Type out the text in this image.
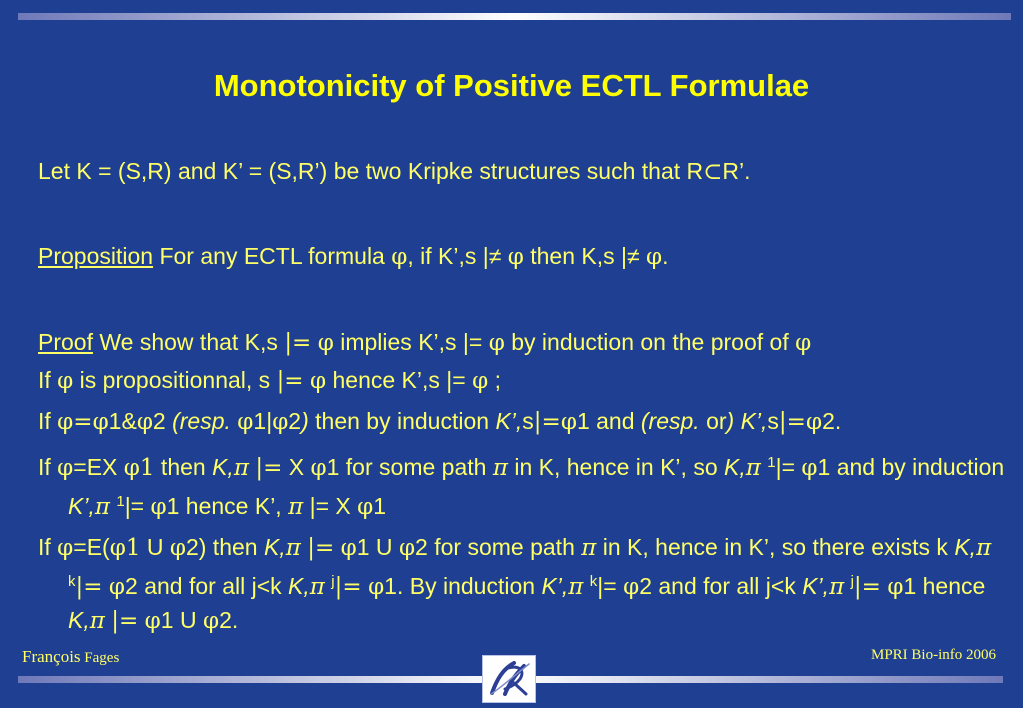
Monotonicity of Positive ECTL Formulae

Let K = (S,R) and K’ = (S,R’) be two Kripke structures such that R⊂R’.

Proposition For any ECTL formula φ, if K’,s |≠ φ then K,s |≠ φ.

Proof We show that K,s |= φ implies K’,s |= φ by induction on the proof of φ

If φ is propositionnal, s |= φ hence K’,s |= φ ;

If φ=φ1&φ2 (resp. φ1|φ2) then by induction K’,s|=φ1 and (resp. or) K’,s|=φ2.

If φ=EX φ1 then K,π |= X φ1 for some path π in K, hence in K’, so K,π $^1$|= φ1 and by induction K’,π $^1$|= φ1 hence K’, π |= X φ1

If φ=E(φ1 U φ2) then K,π |= φ1 U φ2 for some path π in K, hence in K’, so there exists k K,π $^k$|= φ2 and for all j<k K,π $^j$|= φ1. By induction K’,π $^k$|= φ2 and for all j<k K’,π $^j$|= φ1 hence K,π |= φ1 U φ2.

François Fages	MPRI Bio-info 2006
